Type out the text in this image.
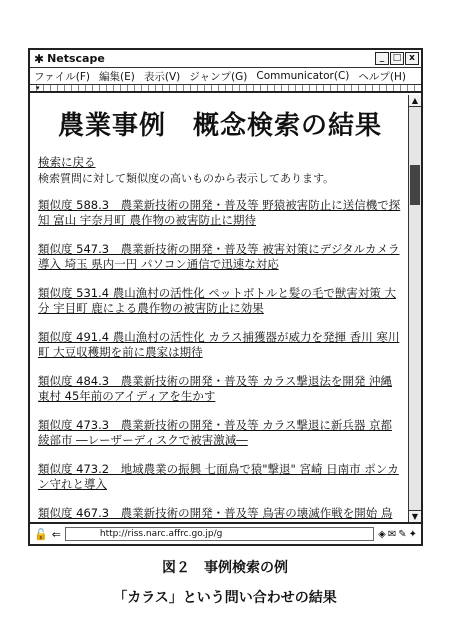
✱ Netscape	_ □ x
ファイル(F) 編集(E) 表示(V) ジャンプ(G) Communicator(C) ヘルプ(H)
▾
農業事例　概念検索の結果
検索に戻る
検索質問に対して類似度の高いものから表示してあります。
類似度 588.3　農業新技術の開発・普及等 野猿被害防止に送信機で探知 富山 宇奈月町 農作物の被害防止に期待
類似度 547.3　農業新技術の開発・普及等 被害対策にデジタルカメラ導入 埼玉 県内一円 パソコン通信で迅速な対応
類似度 531.4 農山漁村の活性化 ペットボトルと髪の毛で獣害対策 大分 宇目町 鹿による農作物の被害防止に効果
類似度 491.4 農山漁村の活性化 カラス捕獲器が威力を発揮 香川 寒川町 大豆収穫期を前に農家は期待
類似度 484.3　農業新技術の開発・普及等 カラス撃退法を開発 沖縄 東村 45年前のアイディアを生かす
類似度 473.3　農業新技術の開発・普及等 カラス撃退に新兵器 京都 綾部市 ―レーザーディスクで被害激減―
類似度 473.2　地域農業の振興 七面鳥で猿"撃退" 宮崎 日南市 ポンカン守れと導入
類似度 467.3　農業新技術の開発・普及等 鳥害の壊滅作戦を開始 鳥
▲
▼
🔓 ⇐	http://riss.narc.affrc.go.jp/g	◈ ✉ ✎ ✦
図２　事例検索の例
「カラス」という問い合わせの結果
